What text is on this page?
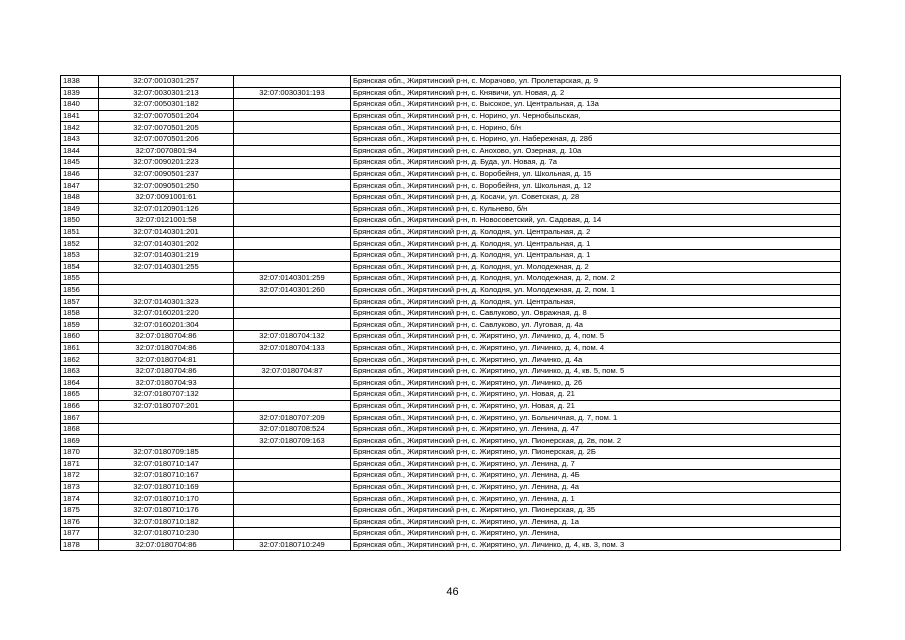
1838	32:07:0010301:257		Брянская обл., Жирятинский р-н, с. Морачово, ул. Пролетарская, д. 9
1839	32:07:0030301:213	32:07:0030301:193	Брянская обл., Жирятинский р-н, с. Княвичи, ул. Новая, д. 2
1840	32:07:0050301:182		Брянская обл., Жирятинский р-н, с. Высокое, ул. Центральная, д. 13а
1841	32:07:0070501:204		Брянская обл., Жирятинский р-н, с. Норино, ул. Чернобыльская,
1842	32:07:0070501:205		Брянская обл., Жирятинский р-н, с. Норино, б/н
1843	32:07:0070501:206		Брянская обл., Жирятинский р-н, с. Норино, ул. Набережная, д. 28б
1844	32:07:0070801:94		Брянская обл., Жирятинский р-н, с. Анохово, ул. Озерная, д. 10а
1845	32:07:0090201:223		Брянская обл., Жирятинский р-н, д. Буда, ул. Новая, д. 7а
1846	32:07:0090501:237		Брянская обл., Жирятинский р-н, с. Воробейня, ул. Школьная, д. 15
1847	32:07:0090501:250		Брянская обл., Жирятинский р-н, с. Воробейня, ул. Школьная, д. 12
1848	32:07:0091001:61		Брянская обл., Жирятинский р-н, д. Косачи, ул. Советская, д. 28
1849	32:07:0120901:126		Брянская обл., Жирятинский р-н, с. Кульнево, б/н
1850	32:07:0121001:58		Брянская обл., Жирятинский р-н, п. Новосоветский, ул. Садовая, д. 14
1851	32:07:0140301:201		Брянская обл., Жирятинский р-н, д. Колодня, ул. Центральная, д. 2
1852	32:07:0140301:202		Брянская обл., Жирятинский р-н, д. Колодня, ул. Центральная, д. 1
1853	32:07:0140301:219		Брянская обл., Жирятинский р-н, д. Колодня, ул. Центральная, д. 1
1854	32:07:0140301:255		Брянская обл., Жирятинский р-н, д. Колодня, ул. Молодежная, д. 2
1855		32:07:0140301:259	Брянская обл., Жирятинский р-н, д. Колодня, ул. Молодежная, д. 2, пом. 2
1856		32:07:0140301:260	Брянская обл., Жирятинский р-н, д. Колодня, ул. Молодежная, д. 2, пом. 1
1857	32:07:0140301:323		Брянская обл., Жирятинский р-н, д. Колодня, ул. Центральная,
1858	32:07:0160201:220		Брянская обл., Жирятинский р-н, с. Савлуково, ул. Овражная, д. 8
1859	32:07:0160201:304		Брянская обл., Жирятинский р-н, с. Савлуково, ул. Луговая, д. 4а
1860	32:07:0180704:86	32:07:0180704:132	Брянская обл., Жирятинский р-н, с. Жирятино, ул. Личинко, д. 4, пом. 5
1861	32:07:0180704:86	32:07:0180704:133	Брянская обл., Жирятинский р-н, с. Жирятино, ул. Личинко, д. 4, пом. 4
1862	32:07:0180704:81		Брянская обл., Жирятинский р-н, с. Жирятино, ул. Личинко, д. 4а
1863	32:07:0180704:86	32:07:0180704:87	Брянская обл., Жирятинский р-н, с. Жирятино, ул. Личинко, д. 4, кв. 5, пом. 5
1864	32:07:0180704:93		Брянская обл., Жирятинский р-н, с. Жирятино, ул. Личинко, д. 26
1865	32:07:0180707:132		Брянская обл., Жирятинский р-н, с. Жирятино, ул. Новая, д. 21
1866	32:07:0180707:201		Брянская обл., Жирятинский р-н, с. Жирятино, ул. Новая, д. 21
1867		32:07:0180707:209	Брянская обл., Жирятинский р-н, с. Жирятино, ул. Больничная, д. 7, пом. 1
1868		32:07:0180708:524	Брянская обл., Жирятинский р-н, с. Жирятино, ул. Ленина, д. 47
1869		32:07:0180709:163	Брянская обл., Жирятинский р-н, с. Жирятино, ул. Пионерская, д. 2в, пом. 2
1870	32:07:0180709:185		Брянская обл., Жирятинский р-н, с. Жирятино, ул. Пионерская, д. 2Б
1871	32:07:0180710:147		Брянская обл., Жирятинский р-н, с. Жирятино, ул. Ленина, д. 7
1872	32:07:0180710:167		Брянская обл., Жирятинский р-н, с. Жирятино, ул. Ленина, д. 4Б
1873	32:07:0180710:169		Брянская обл., Жирятинский р-н, с. Жирятино, ул. Ленина, д. 4а
1874	32:07:0180710:170		Брянская обл., Жирятинский р-н, с. Жирятино, ул. Ленина, д. 1
1875	32:07:0180710:176		Брянская обл., Жирятинский р-н, с. Жирятино, ул. Пионерская, д. 35
1876	32:07:0180710:182		Брянская обл., Жирятинский р-н, с. Жирятино, ул. Ленина, д. 1а
1877	32:07:0180710:230		Брянская обл., Жирятинский р-н, с. Жирятино, ул. Ленина,
1878	32:07:0180704:86	32:07:0180710:249	Брянская обл., Жирятинский р-н, с. Жирятино, ул. Личинко, д. 4, кв. 3, пом. 3
46
